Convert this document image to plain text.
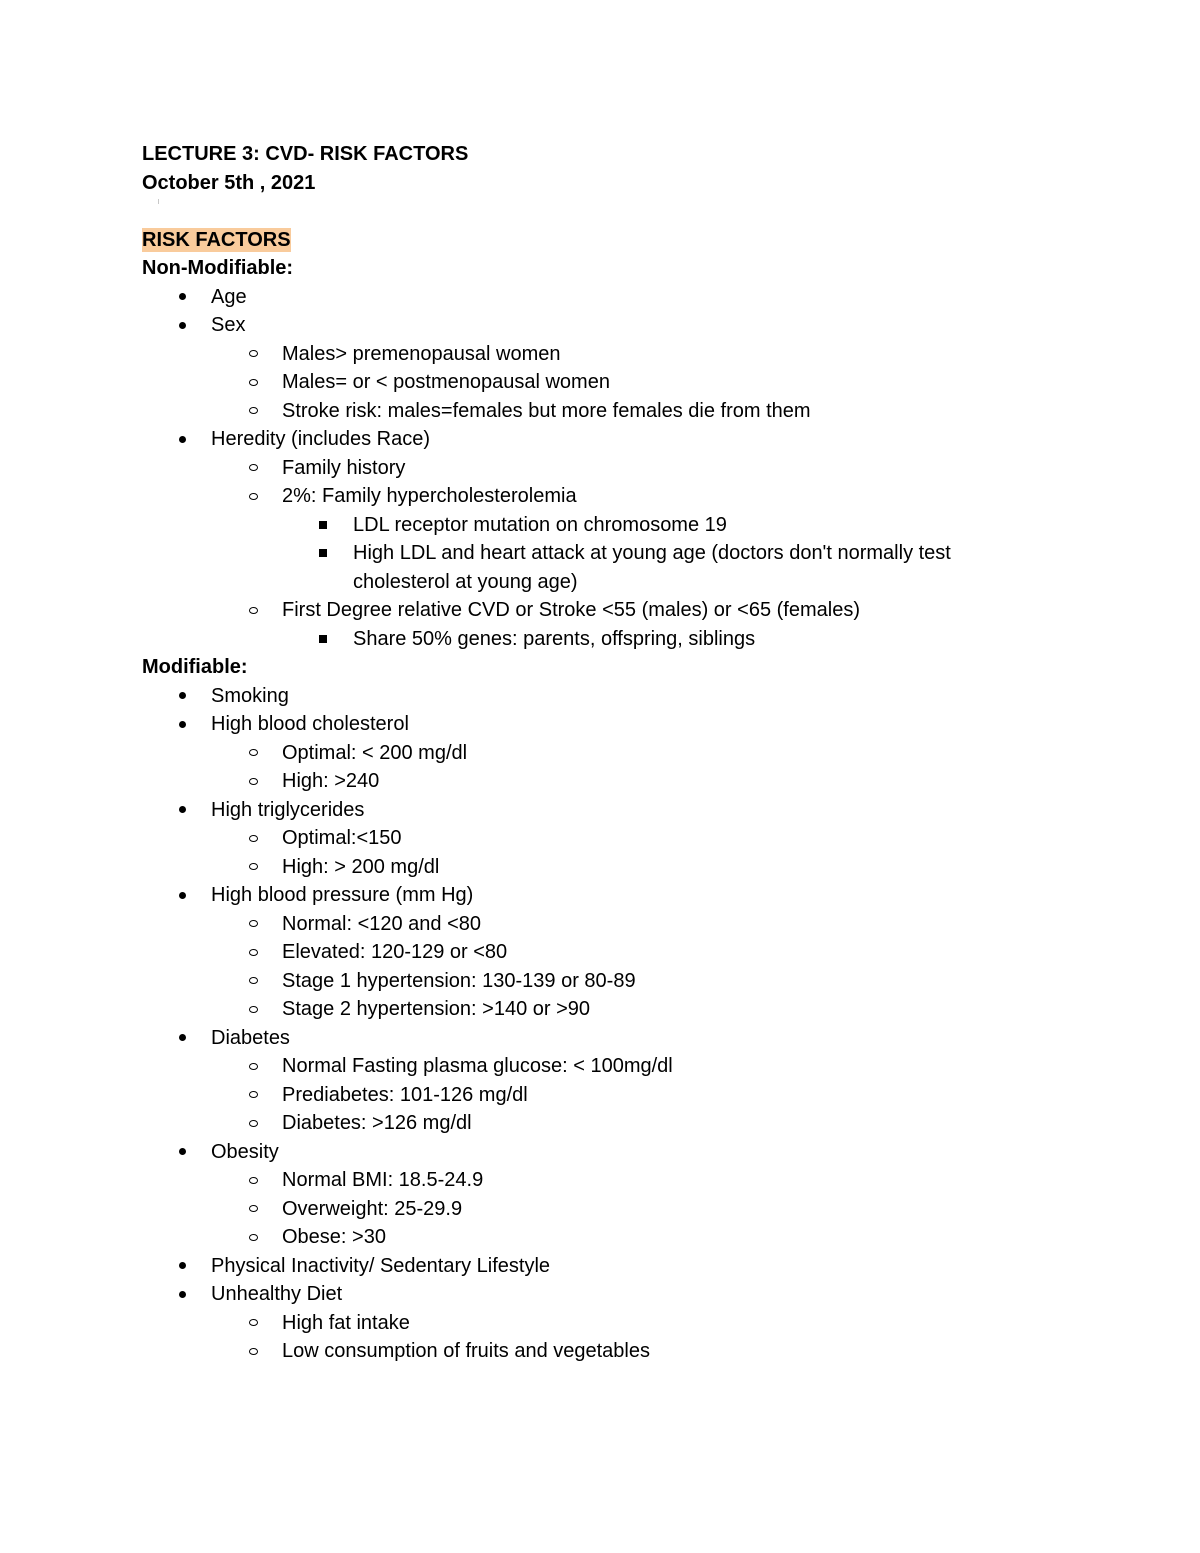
LECTURE 3: CVD- RISK FACTORS
October 5th , 2021
RISK FACTORS
Non-Modifiable:
Age
Sex
Males> premenopausal women
Males= or < postmenopausal women
Stroke risk: males=females but more females die from them
Heredity (includes Race)
Family history
2%: Family hypercholesterolemia
LDL receptor mutation on chromosome 19
High LDL and heart attack at young age (doctors don't normally test
cholesterol at young age)
First Degree relative CVD or Stroke <55 (males) or <65 (females)
Share 50% genes: parents, offspring, siblings
Modifiable:
Smoking
High blood cholesterol
Optimal: < 200 mg/dl
High: >240
High triglycerides
Optimal:<150
High: > 200 mg/dl
High blood pressure (mm Hg)
Normal: <120 and <80
Elevated: 120-129 or <80
Stage 1 hypertension: 130-139 or 80-89
Stage 2 hypertension: >140 or >90
Diabetes
Normal Fasting plasma glucose: < 100mg/dl
Prediabetes: 101-126 mg/dl
Diabetes: >126 mg/dl
Obesity
Normal BMI: 18.5-24.9
Overweight: 25-29.9
Obese: >30
Physical Inactivity/ Sedentary Lifestyle
Unhealthy Diet
High fat intake
Low consumption of fruits and vegetables
